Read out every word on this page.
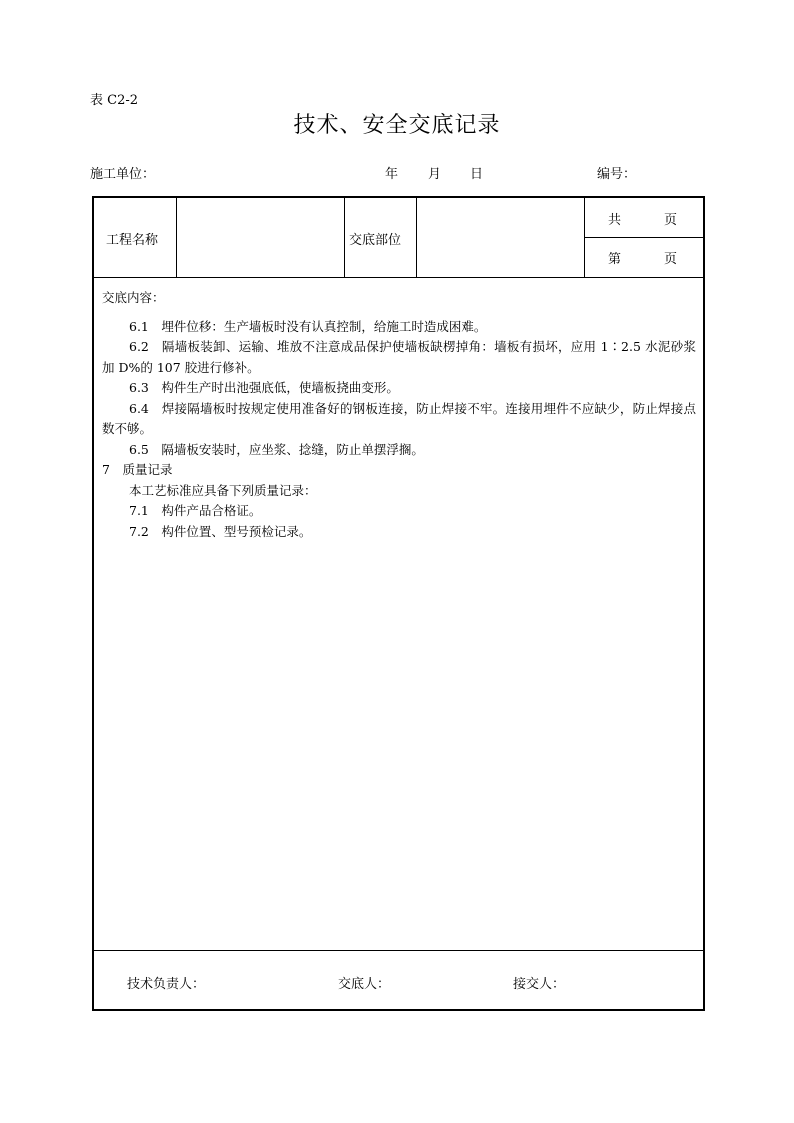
表 C2-2
技术、安全交底记录
施工单位：	年 月 日	编号：
工程名称	交底部位
共	页
第	页

交底内容：

6.1　埋件位移：生产墙板时没有认真控制，给施工时造成困难。

6.2　隔墙板装卸、运输、堆放不注意成品保护使墙板缺楞掉角：墙板有损坏，应用 1∶2.5 水泥砂浆加 D%的 107 胶进行修补。

6.3　构件生产时出池强底低，使墙板挠曲变形。

6.4　焊接隔墙板时按规定使用准备好的钢板连接，防止焊接不牢。连接用埋件不应缺少，防止焊接点数不够。

6.5　隔墙板安装时，应坐浆、捻缝，防止单摆浮搁。

7　质量记录

本工艺标准应具备下列质量记录：

7.1　构件产品合格证。

7.2　构件位置、型号预检记录。

技术负责人：	交底人：	接交人：
